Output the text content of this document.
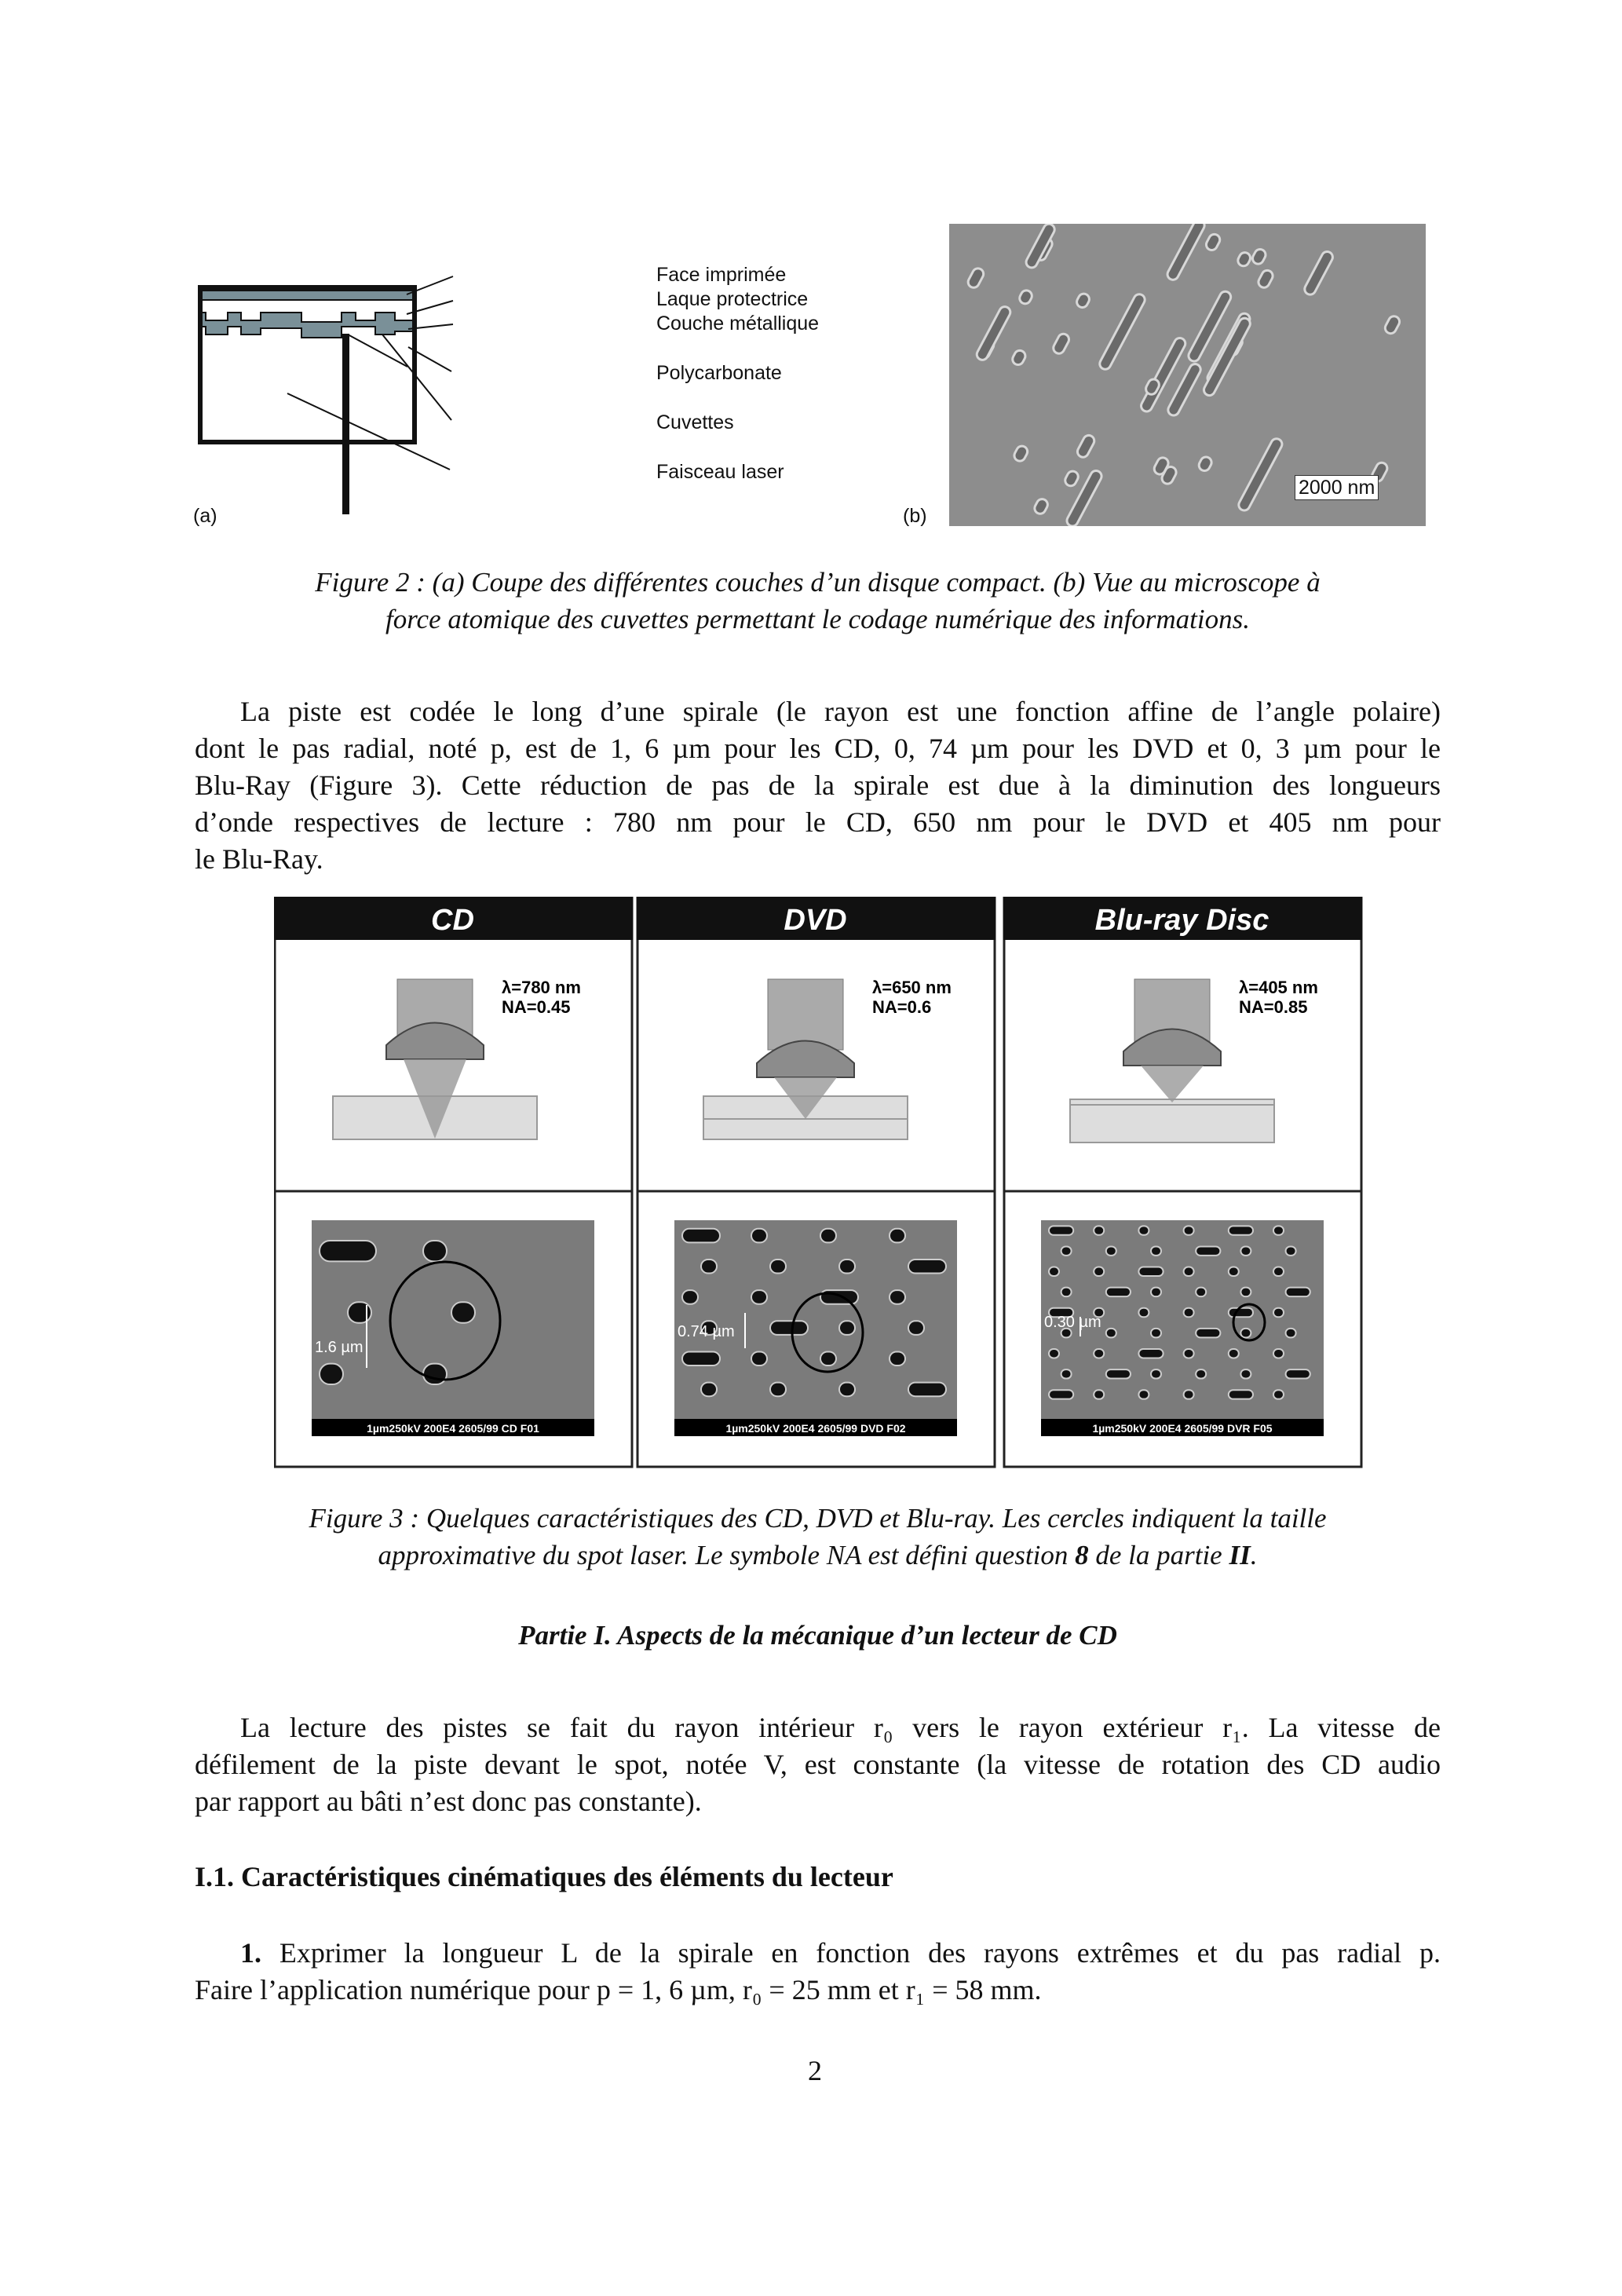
Face imprimée
Laque protectrice
Couche métallique
Polycarbonate
Cuvettes
Faisceau laser
(a)	(b)
2000 nm
Figure 2 : (a) Coupe des différentes couches d’un disque compact. (b) Vue au microscope à
force atomique des cuvettes permettant le codage numérique des informations.
La piste est codée le long d’une spirale (le rayon est une fonction affine de l’angle polaire)
dont le pas radial, noté p, est de 1, 6 µm pour les CD, 0, 74 µm pour les DVD et 0, 3 µm pour le
Blu-Ray (Figure 3). Cette réduction de pas de la spirale est due à la diminution des longueurs
d’onde respectives de lecture : 780 nm pour le CD, 650 nm pour le DVD et 405 nm pour
le Blu-Ray.
CD
λ=780 nm
NA=0.45
1.6 µm
1µm250kV 200E4 2605/99 CD F01
DVD
λ=650 nm
NA=0.6
0.74 µm
1µm250kV 200E4 2605/99 DVD F02
Blu-ray Disc
λ=405 nm
NA=0.85
0.30 µm
1µm250kV 200E4 2605/99 DVR F05
Figure 3 : Quelques caractéristiques des CD, DVD et Blu-ray. Les cercles indiquent la taille
approximative du spot laser. Le symbole NA est défini question 8 de la partie II.
Partie I. Aspects de la mécanique d’un lecteur de CD
La lecture des pistes se fait du rayon intérieur r₀ vers le rayon extérieur r₁. La vitesse de
défilement de la piste devant le spot, notée V, est constante (la vitesse de rotation des CD audio
par rapport au bâti n’est donc pas constante).
I.1. Caractéristiques cinématiques des éléments du lecteur
1. Exprimer la longueur L de la spirale en fonction des rayons extrêmes et du pas radial p.
Faire l’application numérique pour p = 1, 6 µm, r₀ = 25 mm et r₁ = 58 mm.
2
